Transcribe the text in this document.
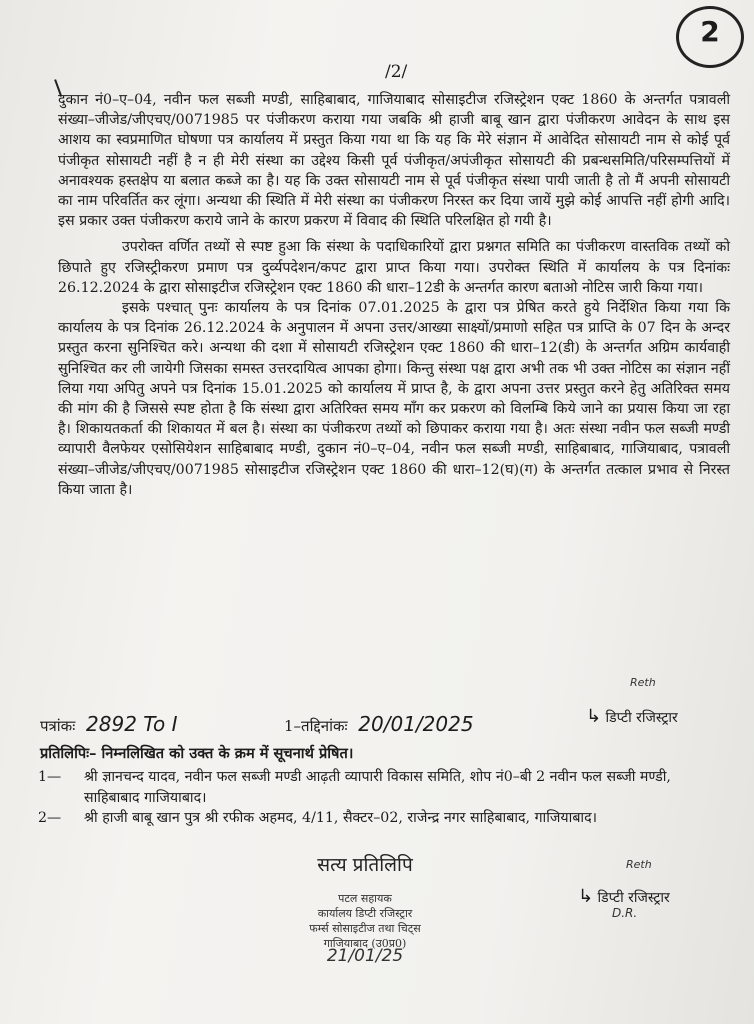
2
/2/

दुकान नं0–ए–04, नवीन फल सब्जी मण्डी, साहिबाबाद, गाजियाबाद सोसाइटीज रजिस्ट्रेशन एक्ट 1860 के अन्तर्गत पत्रावली संख्या–जीजेड/जीएचए/0071985 पर पंजीकरण कराया गया जबकि श्री हाजी बाबू खान द्वारा पंजीकरण आवेदन के साथ इस आशय का स्वप्रमाणित घोषणा पत्र कार्यालय में प्रस्तुत किया गया था कि यह कि मेरे संज्ञान में आवेदित सोसायटी नाम से कोई पूर्व पंजीकृत सोसायटी नहीं है न ही मेरी संस्था का उद्देश्य किसी पूर्व पंजीकृत/अपंजीकृत सोसायटी की प्रबन्धसमिति/परिसम्पत्तियों में अनावश्यक हस्तक्षेप या बलात कब्जे का है। यह कि उक्त सोसायटी नाम से पूर्व पंजीकृत संस्था पायी जाती है तो मैं अपनी सोसायटी का नाम परिवर्तित कर लूंगा। अन्यथा की स्थिति में मेरी संस्था का पंजीकरण निरस्त कर दिया जायें मुझे कोई आपत्ति नहीं होगी आदि। इस प्रकार उक्त पंजीकरण कराये जाने के कारण प्रकरण में विवाद की स्थिति परिलक्षित हो गयी है।

उपरोक्त वर्णित तथ्यों से स्पष्ट हुआ कि संस्था के पदाधिकारियों द्वारा प्रश्नगत समिति का पंजीकरण वास्तविक तथ्यों को छिपाते हुए रजिस्ट्रीकरण प्रमाण पत्र दुर्व्यपदेशन/कपट द्वारा प्राप्त किया गया। उपरोक्त स्थिति में कार्यालय के पत्र दिनांकः 26.12.2024 के द्वारा सोसाइटीज रजिस्ट्रेशन एक्ट 1860 की धारा–12डी के अन्तर्गत कारण बताओ नोटिस जारी किया गया।

इसके पश्चात् पुनः कार्यालय के पत्र दिनांक 07.01.2025 के द्वारा पत्र प्रेषित करते हुये निर्देशित किया गया कि कार्यालय के पत्र दिनांक 26.12.2024 के अनुपालन में अपना उत्तर/आख्या साक्ष्यों/प्रमाणो सहित पत्र प्राप्ति के 07 दिन के अन्दर प्रस्तुत करना सुनिश्चित करे। अन्यथा की दशा में सोसायटी रजिस्ट्रेशन एक्ट 1860 की धारा–12(डी) के अन्तर्गत अग्रिम कार्यवाही सुनिश्चित कर ली जायेगी जिसका समस्त उत्तरदायित्व आपका होगा। किन्तु संस्था पक्ष द्वारा अभी तक भी उक्त नोटिस का संज्ञान नहीं लिया गया अपितु अपने पत्र दिनांक 15.01.2025 को कार्यालय में प्राप्त है, के द्वारा अपना उत्तर प्रस्तुत करने हेतु अतिरिक्त समय की मांग की है जिससे स्पष्ट होता है कि संस्था द्वारा अतिरिक्त समय माँग कर प्रकरण को विलम्बि किये जाने का प्रयास किया जा रहा है। शिकायतकर्ता की शिकायत में बल है। संस्था का पंजीकरण तथ्यों को छिपाकर कराया गया है। अतः संस्था नवीन फल सब्जी मण्डी व्यापारी वैलफेयर एसोसियेशन साहिबाबाद मण्डी, दुकान नं0–ए–04, नवीन फल सब्जी मण्डी, साहिबाबाद, गाजियाबाद, पत्रावली संख्या–जीजेड/जीएचए/0071985 सोसाइटीज रजिस्ट्रेशन एक्ट 1860 की धारा–12(घ)(ग) के अन्तर्गत तत्काल प्रभाव से निरस्त किया जाता है।

Reth
↳ डिप्टी रजिस्ट्रार
पत्रांकः 2892 To I	1–तद्दिनांकः 20/01/2025
प्रतिलिपिः– निम्नलिखित को उक्त के क्रम में सूचनार्थ प्रेषित।
1— श्री ज्ञानचन्द यादव, नवीन फल सब्जी मण्डी आढ़ती व्यापारी विकास समिति, शोप नं0–बी 2 नवीन फल सब्जी मण्डी, साहिबाबाद गाजियाबाद।
2— श्री हाजी बाबू खान पुत्र श्री रफीक अहमद, 4/11, सैक्टर–02, राजेन्द्र नगर साहिबाबाद, गाजियाबाद।
सत्य प्रतिलिपि
पटल सहायक
कार्यालय डिप्टी रजिस्ट्रार
फर्म्स सोसाइटीज तथा चिट्स
गाजियाबाद (उ0प्र0)
21/01/25
Reth
↳ डिप्टी रजिस्ट्रार
D.R.
